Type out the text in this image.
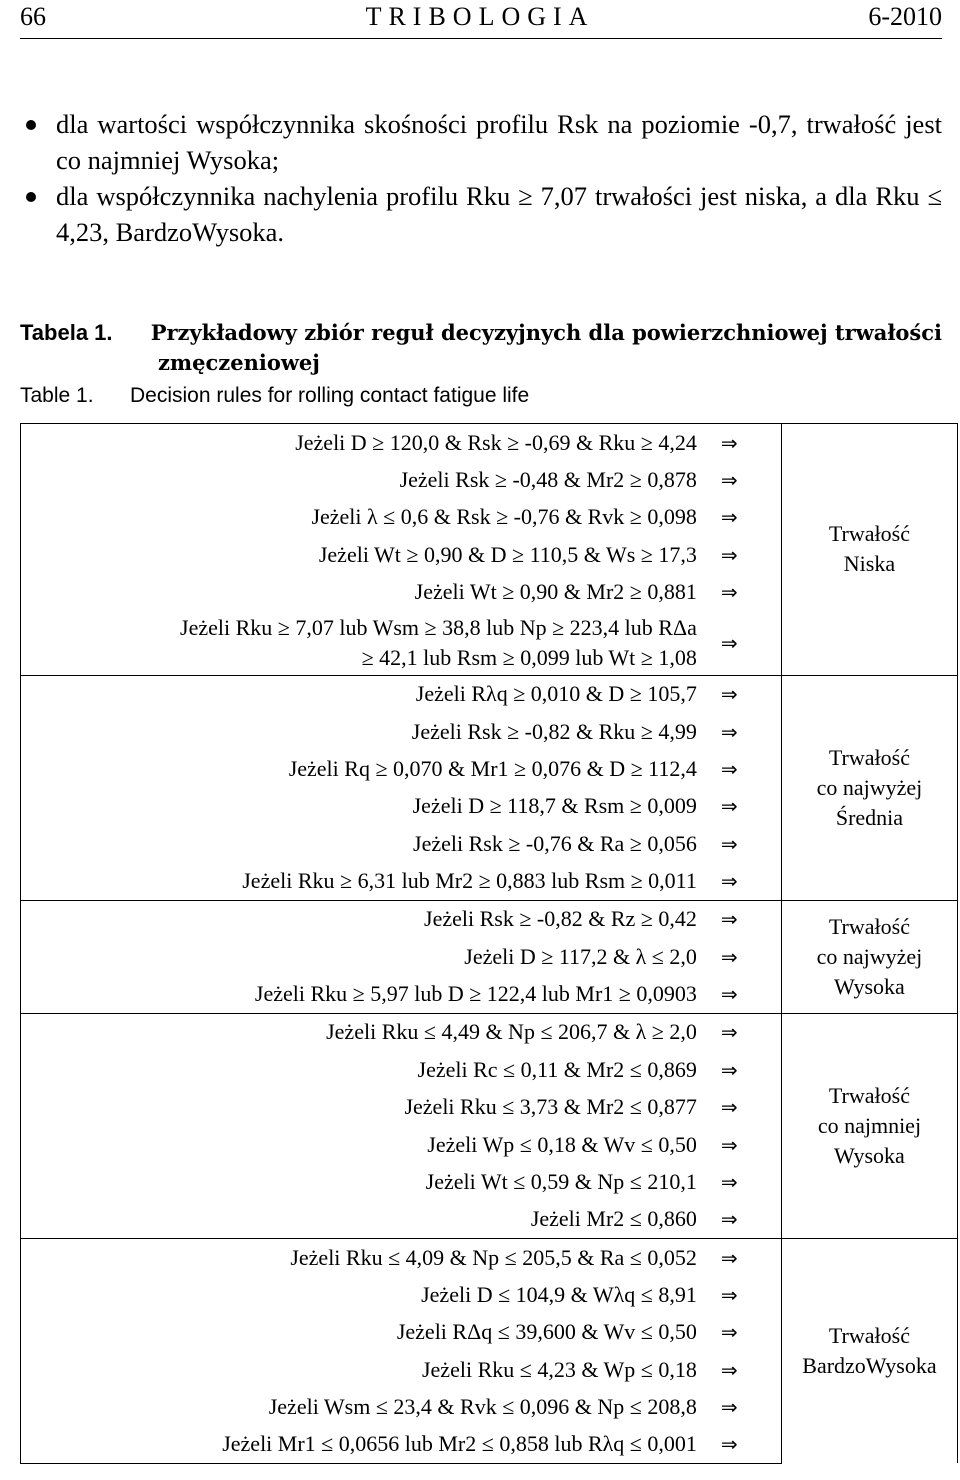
66	TRIBOLOGIA	6-2010
dla wartości współczynnika skośności profilu Rsk na poziomie -0,7, trwałość jest co najmniej Wysoka;
dla współczynnika nachylenia profilu Rku ≥ 7,07 trwałości jest niska, a dla Rku ≤ 4,23, BardzoWysoka.
Tabela 1. Przykładowy zbiór reguł decyzyjnych dla powierzchniowej trwałości
zmęczeniowej
Table 1. Decision rules for rolling contact fatigue life
Jeżeli D ≥ 120,0 & Rsk ≥ -0,69 & Rku ≥ 4,24	⇒	Trwałość
Niska

Jeżeli Rsk ≥ -0,48 & Mr2 ≥ 0,878	⇒	

Jeżeli λ ≤ 0,6 & Rsk ≥ -0,76 & Rvk ≥ 0,098	⇒	

Jeżeli Wt ≥ 0,90 & D ≥ 110,5 & Ws ≥ 17,3	⇒	

Jeżeli Wt ≥ 0,90 & Mr2 ≥ 0,881	⇒	

Jeżeli Rku ≥ 7,07 lub Wsm ≥ 38,8 lub Np ≥ 223,4 lub RΔa
≥ 42,1 lub Rsm ≥ 0,099 lub Wt ≥ 1,08	⇒	

Jeżeli Rλq ≥ 0,010 & D ≥ 105,7	⇒	Trwałość
co najwyżej
Średnia

Jeżeli Rsk ≥ -0,82 & Rku ≥ 4,99	⇒	

Jeżeli Rq ≥ 0,070 & Mr1 ≥ 0,076 & D ≥ 112,4	⇒	

Jeżeli D ≥ 118,7 & Rsm ≥ 0,009	⇒	

Jeżeli Rsk ≥ -0,76 & Ra ≥ 0,056	⇒	

Jeżeli Rku ≥ 6,31 lub Mr2 ≥ 0,883 lub Rsm ≥ 0,011	⇒	

Jeżeli Rsk ≥ -0,82 & Rz ≥ 0,42	⇒	Trwałość
co najwyżej
Wysoka

Jeżeli D ≥ 117,2 & λ ≤ 2,0	⇒	

Jeżeli Rku ≥ 5,97 lub D ≥ 122,4 lub Mr1 ≥ 0,0903	⇒	

Jeżeli Rku ≤ 4,49 & Np ≤ 206,7 & λ ≥ 2,0	⇒	Trwałość
co najmniej
Wysoka

Jeżeli Rc ≤ 0,11 & Mr2 ≤ 0,869	⇒	

Jeżeli Rku ≤ 3,73 & Mr2 ≤ 0,877	⇒	

Jeżeli Wp ≤ 0,18 & Wv ≤ 0,50	⇒	

Jeżeli Wt ≤ 0,59 & Np ≤ 210,1	⇒	

Jeżeli Mr2 ≤ 0,860	⇒	

Jeżeli Rku ≤ 4,09 & Np ≤ 205,5 & Ra ≤ 0,052	⇒	Trwałość
BardzoWysoka

Jeżeli D ≤ 104,9 & Wλq ≤ 8,91	⇒	

Jeżeli RΔq ≤ 39,600 & Wv ≤ 0,50	⇒	

Jeżeli Rku ≤ 4,23 & Wp ≤ 0,18	⇒	

Jeżeli Wsm ≤ 23,4 & Rvk ≤ 0,096 & Np ≤ 208,8	⇒	

Jeżeli Mr1 ≤ 0,0656 lub Mr2 ≤ 0,858 lub Rλq ≤ 0,001	⇒	
